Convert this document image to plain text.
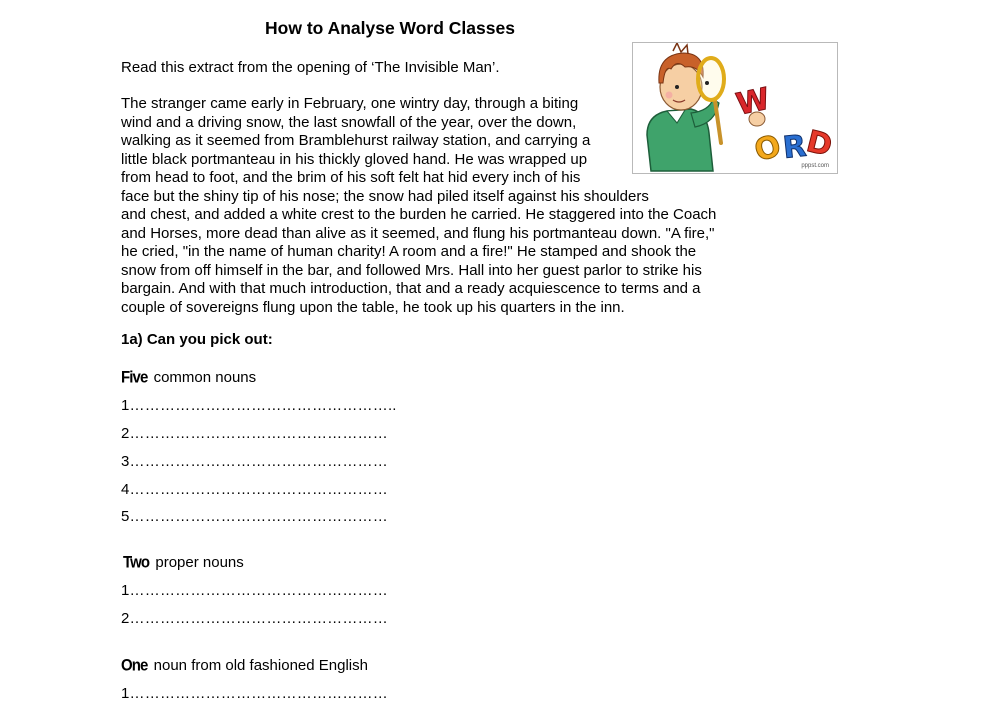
How to Analyse Word Classes
Read this extract from the opening of ‘The Invisible Man’.
The stranger came early in February, one wintry day, through a biting
wind and a driving snow, the last snowfall of the year, over the down,
walking as it seemed from Bramblehurst railway station, and carrying a
little black portmanteau in his thickly gloved hand. He was wrapped up
from head to foot, and the brim of his soft felt hat hid every inch of his
face but the shiny tip of his nose; the snow had piled itself against his shoulders
and chest, and added a white crest to the burden he carried. He staggered into the Coach
and Horses, more dead than alive as it seemed, and flung his portmanteau down. "A fire,"
he cried, "in the name of human charity! A room and a fire!" He stamped and shook the
snow from off himself in the bar, and followed Mrs. Hall into her guest parlor to strike his
bargain. And with that much introduction, that and a ready acquiescence to terms and a
couple of sovereigns flung upon the table, he took up his quarters in the inn.
W
O
R
D
pppst.com
1a) Can you pick out:
Five common nouns
1……………………………………………..
2……………………………………………
3……………………………………………
4……………………………………………
5……………………………………………
Two proper nouns
1……………………………………………
2……………………………………………
One noun from old fashioned English
1……………………………………………
